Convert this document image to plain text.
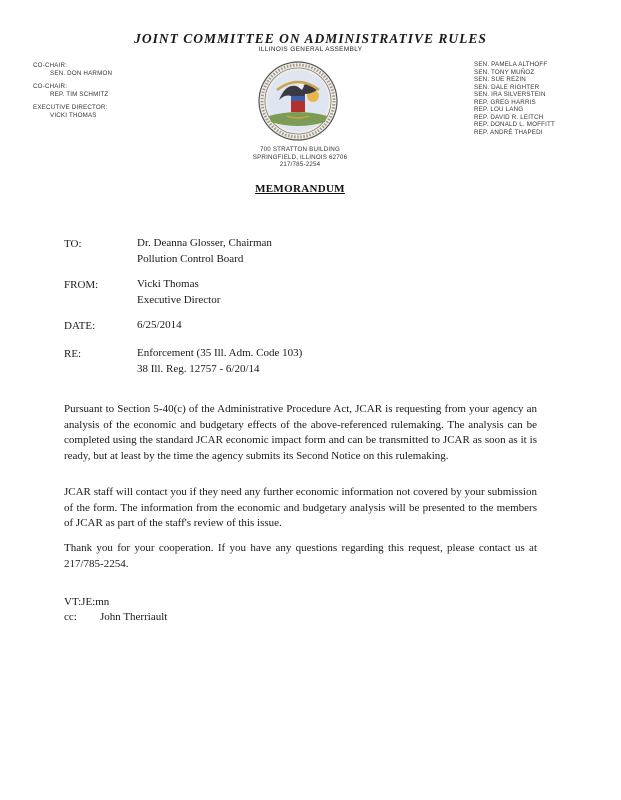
JOINT COMMITTEE ON ADMINISTRATIVE RULES
ILLINOIS GENERAL ASSEMBLY
CO-CHAIR:
SEN. DON HARMON
CO-CHAIR:
REP. TIM SCHMITZ
EXECUTIVE DIRECTOR:
VICKI THOMAS
SEN. PAMELA ALTHOFF
SEN. TONY MUÑOZ
SEN. SUE REZIN
SEN. DALE RIGHTER
SEN. IRA SILVERSTEIN
REP. GREG HARRIS
REP. LOU LANG
REP. DAVID R. LEITCH
REP. DONALD L. MOFFITT
REP. ANDRÉ THAPEDI
700 STRATTON BUILDING
SPRINGFIELD, ILLINOIS 62706
217/785-2254
MEMORANDUM
TO:	Dr. Deanna Glosser, Chairman
Pollution Control Board
FROM:	Vicki Thomas
Executive Director
DATE:	6/25/2014
RE:	Enforcement (35 Ill. Adm. Code 103)
38 Ill. Reg. 12757 - 6/20/14
Pursuant to Section 5-40(c) of the Administrative Procedure Act, JCAR is requesting from your agency an analysis of the economic and budgetary effects of the above-referenced rulemaking. The analysis can be completed using the standard JCAR economic impact form and can be transmitted to JCAR as soon as it is ready, but at least by the time the agency submits its Second Notice on this rulemaking.
JCAR staff will contact you if they need any further economic information not covered by your submission of the form. The information from the economic and budgetary analysis will be presented to the members of JCAR as part of the staff's review of this issue.
Thank you for your cooperation. If you have any questions regarding this request, please contact us at 217/785-2254.
VT:JE:mn
cc: John Therriault
